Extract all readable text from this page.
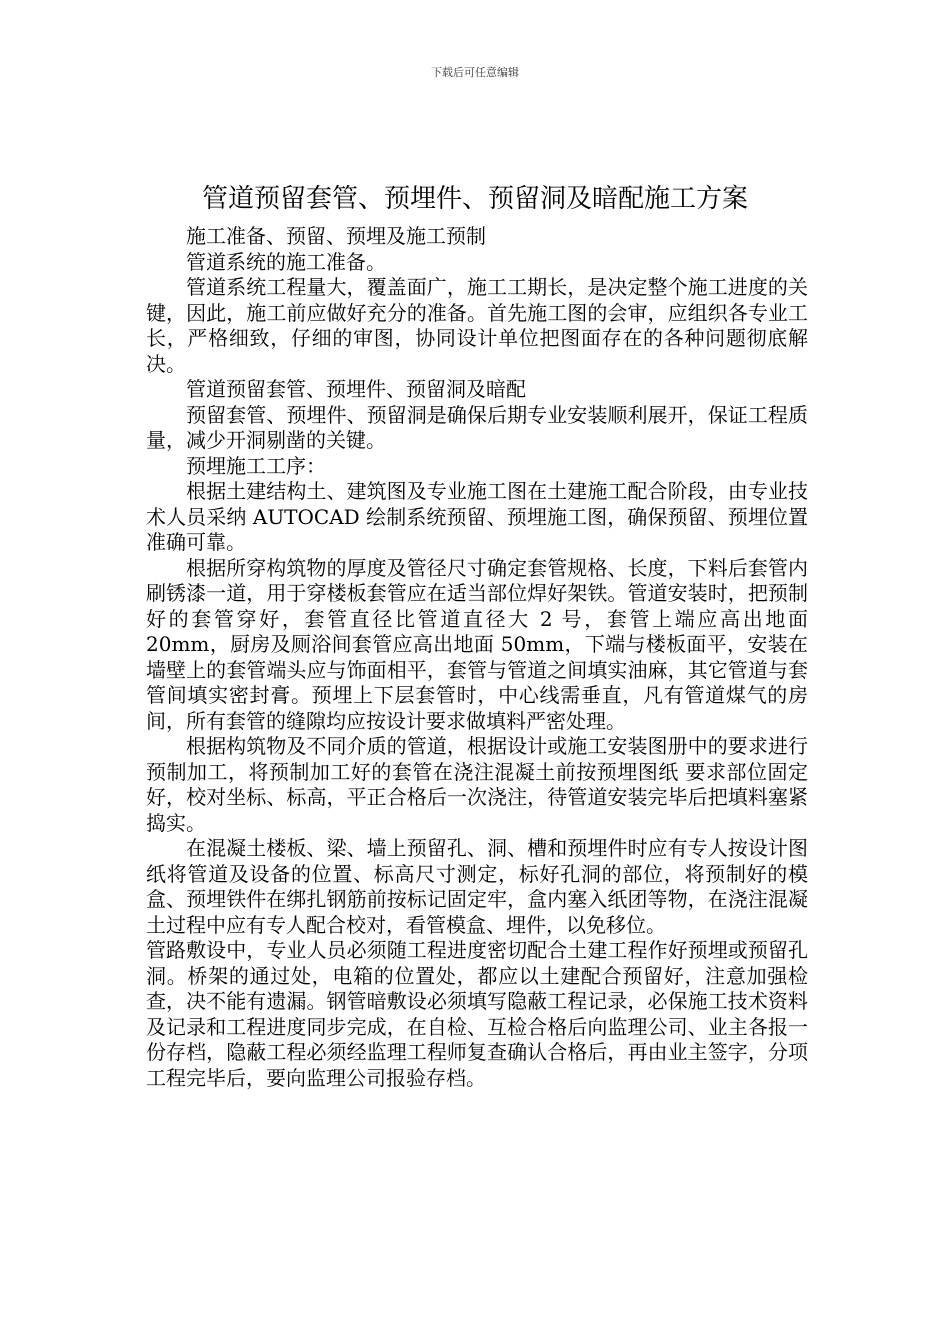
下载后可任意编辑
管道预留套管、预埋件、预留洞及暗配施工方案

施工准备、预留、预埋及施工预制

管道系统的施工准备。

管道系统工程量大，覆盖面广，施工工期长，是决定整个施工进度的关键，因此，施工前应做好充分的准备。首先施工图的会审，应组织各专业工长，严格细致，仔细的审图，协同设计单位把图面存在的各种问题彻底解决。

管道预留套管、预埋件、预留洞及暗配

预留套管、预埋件、预留洞是确保后期专业安装顺利展开，保证工程质量，减少开洞剔凿的关键。

预埋施工工序：

根据土建结构土、建筑图及专业施工图在土建施工配合阶段，由专业技术人员采纳 AUTOCAD 绘制系统预留、预埋施工图，确保预留、预埋位置准确可靠。

根据所穿构筑物的厚度及管径尺寸确定套管规格、长度，下料后套管内刷锈漆一道，用于穿楼板套管应在适当部位焊好架铁。管道安装时，把预制好的套管穿好，套管直径比管道直径大 2 号，套管上端应高出地面 20mm，厨房及厕浴间套管应高出地面 50mm，下端与楼板面平，安装在墙壁上的套管端头应与饰面相平，套管与管道之间填实油麻，其它管道与套管间填实密封膏。预埋上下层套管时，中心线需垂直，凡有管道煤气的房间，所有套管的缝隙均应按设计要求做填料严密处理。

根据构筑物及不同介质的管道，根据设计或施工安装图册中的要求进行预制加工，将预制加工好的套管在浇注混凝土前按预埋图纸 要求部位固定好，校对坐标、标高，平正合格后一次浇注，待管道安装完毕后把填料塞紧捣实。

在混凝土楼板、梁、墙上预留孔、洞、槽和预埋件时应有专人按设计图纸将管道及设备的位置、标高尺寸测定，标好孔洞的部位，将预制好的模盒、预埋铁件在绑扎钢筋前按标记固定牢，盒内塞入纸团等物，在浇注混凝土过程中应有专人配合校对，看管模盒、埋件，以免移位。

管路敷设中，专业人员必须随工程进度密切配合土建工程作好预埋或预留孔洞。桥架的通过处，电箱的位置处，都应以土建配合预留好，注意加强检查，决不能有遗漏。钢管暗敷设必须填写隐蔽工程记录，必保施工技术资料及记录和工程进度同步完成，在自检、互检合格后向监理公司、业主各报一份存档，隐蔽工程必须经监理工程师复查确认合格后，再由业主签字，分项工程完毕后，要向监理公司报验存档。
